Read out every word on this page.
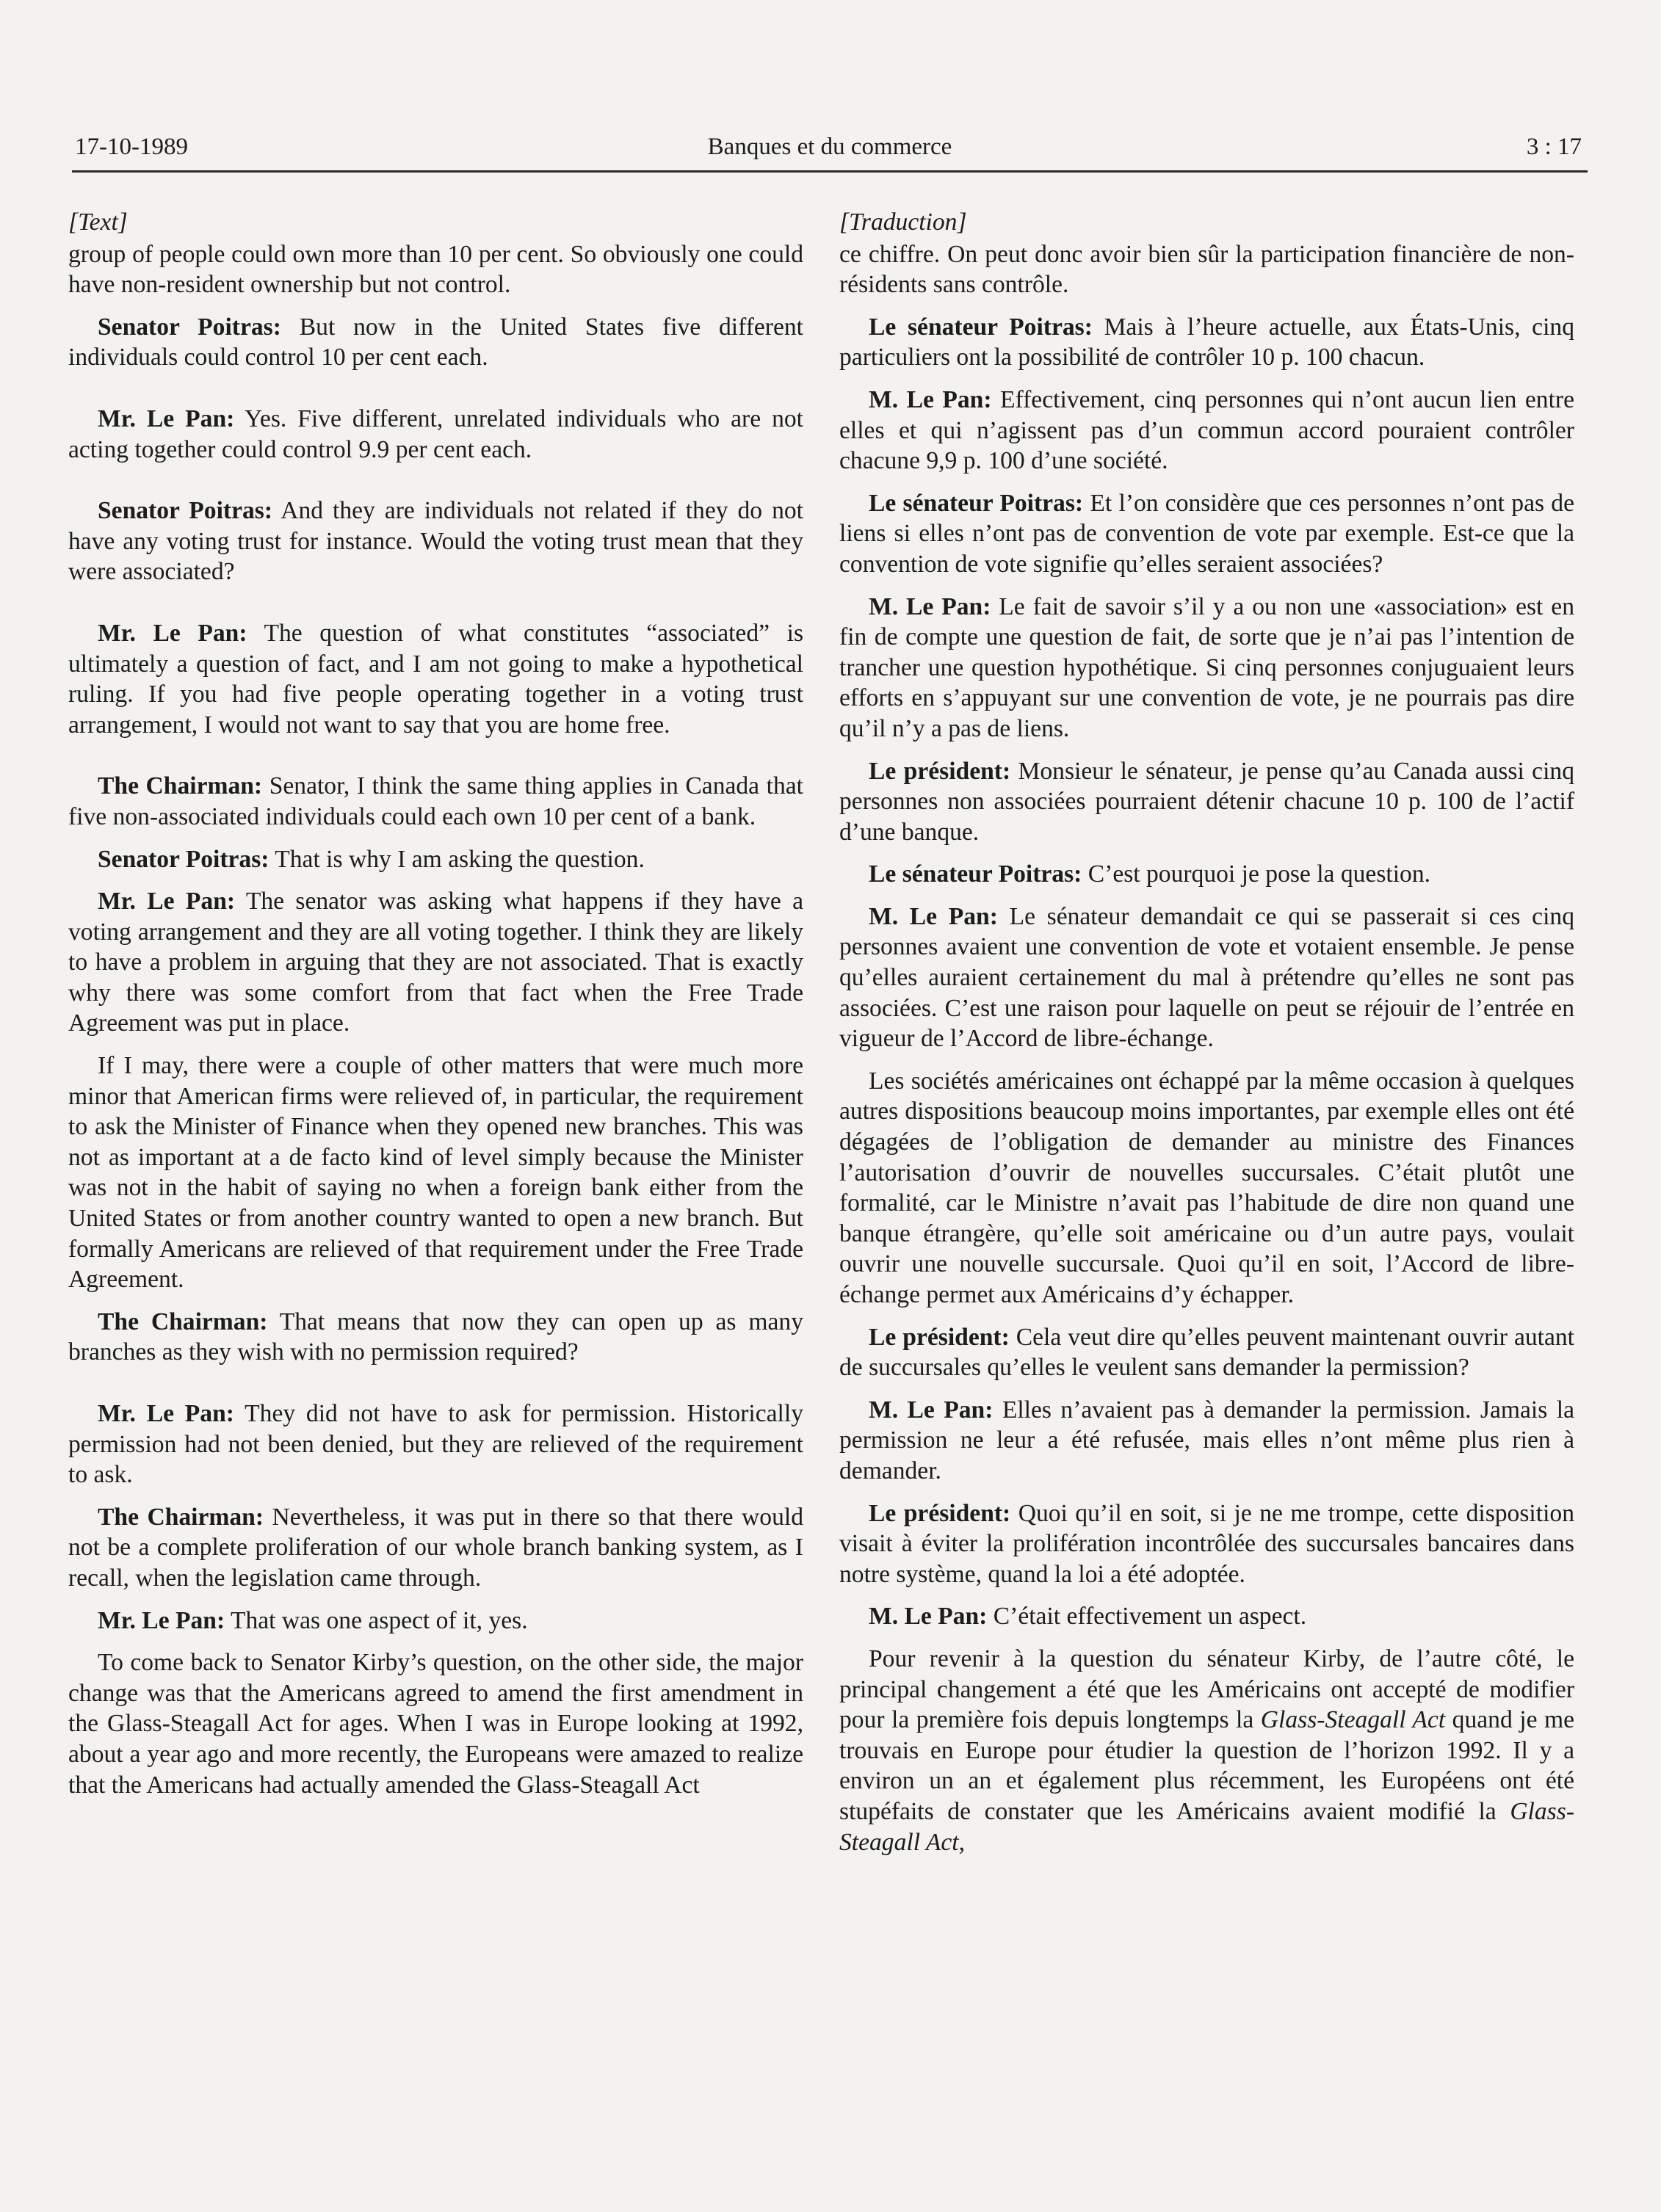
17-10-1989	Banques et du commerce	3 : 17
[Text]

group of people could own more than 10 per cent. So obviously one could have non-resident ownership but not control.

Senator Poitras: But now in the United States five different individuals could control 10 per cent each.

Mr. Le Pan: Yes. Five different, unrelated individuals who are not acting together could control 9.9 per cent each.

Senator Poitras: And they are individuals not related if they do not have any voting trust for instance. Would the voting trust mean that they were associated?

Mr. Le Pan: The question of what constitutes “associated” is ultimately a question of fact, and I am not going to make a hypothetical ruling. If you had five people operating together in a voting trust arrangement, I would not want to say that you are home free.

The Chairman: Senator, I think the same thing applies in Canada that five non-associated individuals could each own 10 per cent of a bank.

Senator Poitras: That is why I am asking the question.

Mr. Le Pan: The senator was asking what happens if they have a voting arrangement and they are all voting together. I think they are likely to have a problem in arguing that they are not associated. That is exactly why there was some comfort from that fact when the Free Trade Agreement was put in place.

If I may, there were a couple of other matters that were much more minor that American firms were relieved of, in particular, the requirement to ask the Minister of Finance when they opened new branches. This was not as important at a de facto kind of level simply because the Minister was not in the habit of saying no when a foreign bank either from the United States or from another country wanted to open a new branch. But formally Americans are relieved of that requirement under the Free Trade Agreement.

The Chairman: That means that now they can open up as many branches as they wish with no permission required?

Mr. Le Pan: They did not have to ask for permission. Historically permission had not been denied, but they are relieved of the requirement to ask.

The Chairman: Nevertheless, it was put in there so that there would not be a complete proliferation of our whole branch banking system, as I recall, when the legislation came through.

Mr. Le Pan: That was one aspect of it, yes.

To come back to Senator Kirby’s question, on the other side, the major change was that the Americans agreed to amend the first amendment in the Glass-Steagall Act for ages. When I was in Europe looking at 1992, about a year ago and more recently, the Europeans were amazed to realize that the Americans had actually amended the Glass-Steagall Act

[Traduction]

ce chiffre. On peut donc avoir bien sûr la participation financière de non-résidents sans contrôle.

Le sénateur Poitras: Mais à l’heure actuelle, aux États-Unis, cinq particuliers ont la possibilité de contrôler 10 p. 100 chacun.

M. Le Pan: Effectivement, cinq personnes qui n’ont aucun lien entre elles et qui n’agissent pas d’un commun accord pouraient contrôler chacune 9,9 p. 100 d’une société.

Le sénateur Poitras: Et l’on considère que ces personnes n’ont pas de liens si elles n’ont pas de convention de vote par exemple. Est-ce que la convention de vote signifie qu’elles seraient associées?

M. Le Pan: Le fait de savoir s’il y a ou non une «association» est en fin de compte une question de fait, de sorte que je n’ai pas l’intention de trancher une question hypothétique. Si cinq personnes conjuguaient leurs efforts en s’appuyant sur une convention de vote, je ne pourrais pas dire qu’il n’y a pas de liens.

Le président: Monsieur le sénateur, je pense qu’au Canada aussi cinq personnes non associées pourraient détenir chacune 10 p. 100 de l’actif d’une banque.

Le sénateur Poitras: C’est pourquoi je pose la question.

M. Le Pan: Le sénateur demandait ce qui se passerait si ces cinq personnes avaient une convention de vote et votaient ensemble. Je pense qu’elles auraient certainement du mal à prétendre qu’elles ne sont pas associées. C’est une raison pour laquelle on peut se réjouir de l’entrée en vigueur de l’Accord de libre-échange.

Les sociétés américaines ont échappé par la même occasion à quelques autres dispositions beaucoup moins importantes, par exemple elles ont été dégagées de l’obligation de demander au ministre des Finances l’autorisation d’ouvrir de nouvelles succursales. C’était plutôt une formalité, car le Ministre n’avait pas l’habitude de dire non quand une banque étrangère, qu’elle soit américaine ou d’un autre pays, voulait ouvrir une nouvelle succursale. Quoi qu’il en soit, l’Accord de libre-échange permet aux Américains d’y échapper.

Le président: Cela veut dire qu’elles peuvent maintenant ouvrir autant de succursales qu’elles le veulent sans demander la permission?

M. Le Pan: Elles n’avaient pas à demander la permission. Jamais la permission ne leur a été refusée, mais elles n’ont même plus rien à demander.

Le président: Quoi qu’il en soit, si je ne me trompe, cette disposition visait à éviter la prolifération incontrôlée des succursales bancaires dans notre système, quand la loi a été adoptée.

M. Le Pan: C’était effectivement un aspect.

Pour revenir à la question du sénateur Kirby, de l’autre côté, le principal changement a été que les Américains ont accepté de modifier pour la première fois depuis longtemps la Glass-Steagall Act quand je me trouvais en Europe pour étudier la question de l’horizon 1992. Il y a environ un an et également plus récemment, les Européens ont été stupéfaits de constater que les Américains avaient modifié la Glass-Steagall Act,
